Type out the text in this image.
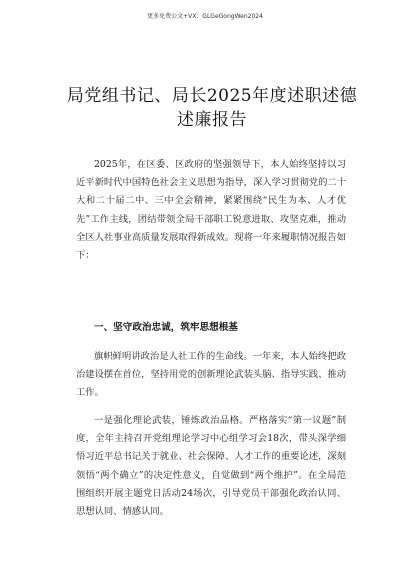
更多免费公文+VX：GLGeGongWen2024
局党组书记、局长2025年度述职述德述廉报告

2025年，在区委、区政府的坚强领导下，本人始终坚持以习近平新时代中国特色社会主义思想为指导，深入学习贯彻党的二十大和二十届二中、三中全会精神，紧紧围绕“民生为本、人才优先”工作主线，团结带领全局干部职工锐意进取、攻坚克难，推动全区人社事业高质量发展取得新成效。现将一年来履职情况报告如下：

一、坚守政治忠诚，筑牢思想根基

旗帜鲜明讲政治是人社工作的生命线。一年来，本人始终把政治建设摆在首位，坚持用党的创新理论武装头脑、指导实践、推动工作。

一是强化理论武装，锤炼政治品格。严格落实“第一议题”制度，全年主持召开党组理论学习中心组学习会18次，带头深学细悟习近平总书记关于就业、社会保障、人才工作的重要论述，深刻领悟“两个确立”的决定性意义，自觉做到“两个维护”。在全局范围组织开展主题党日活动24场次，引导党员干部强化政治认同、思想认同、情感认同。
